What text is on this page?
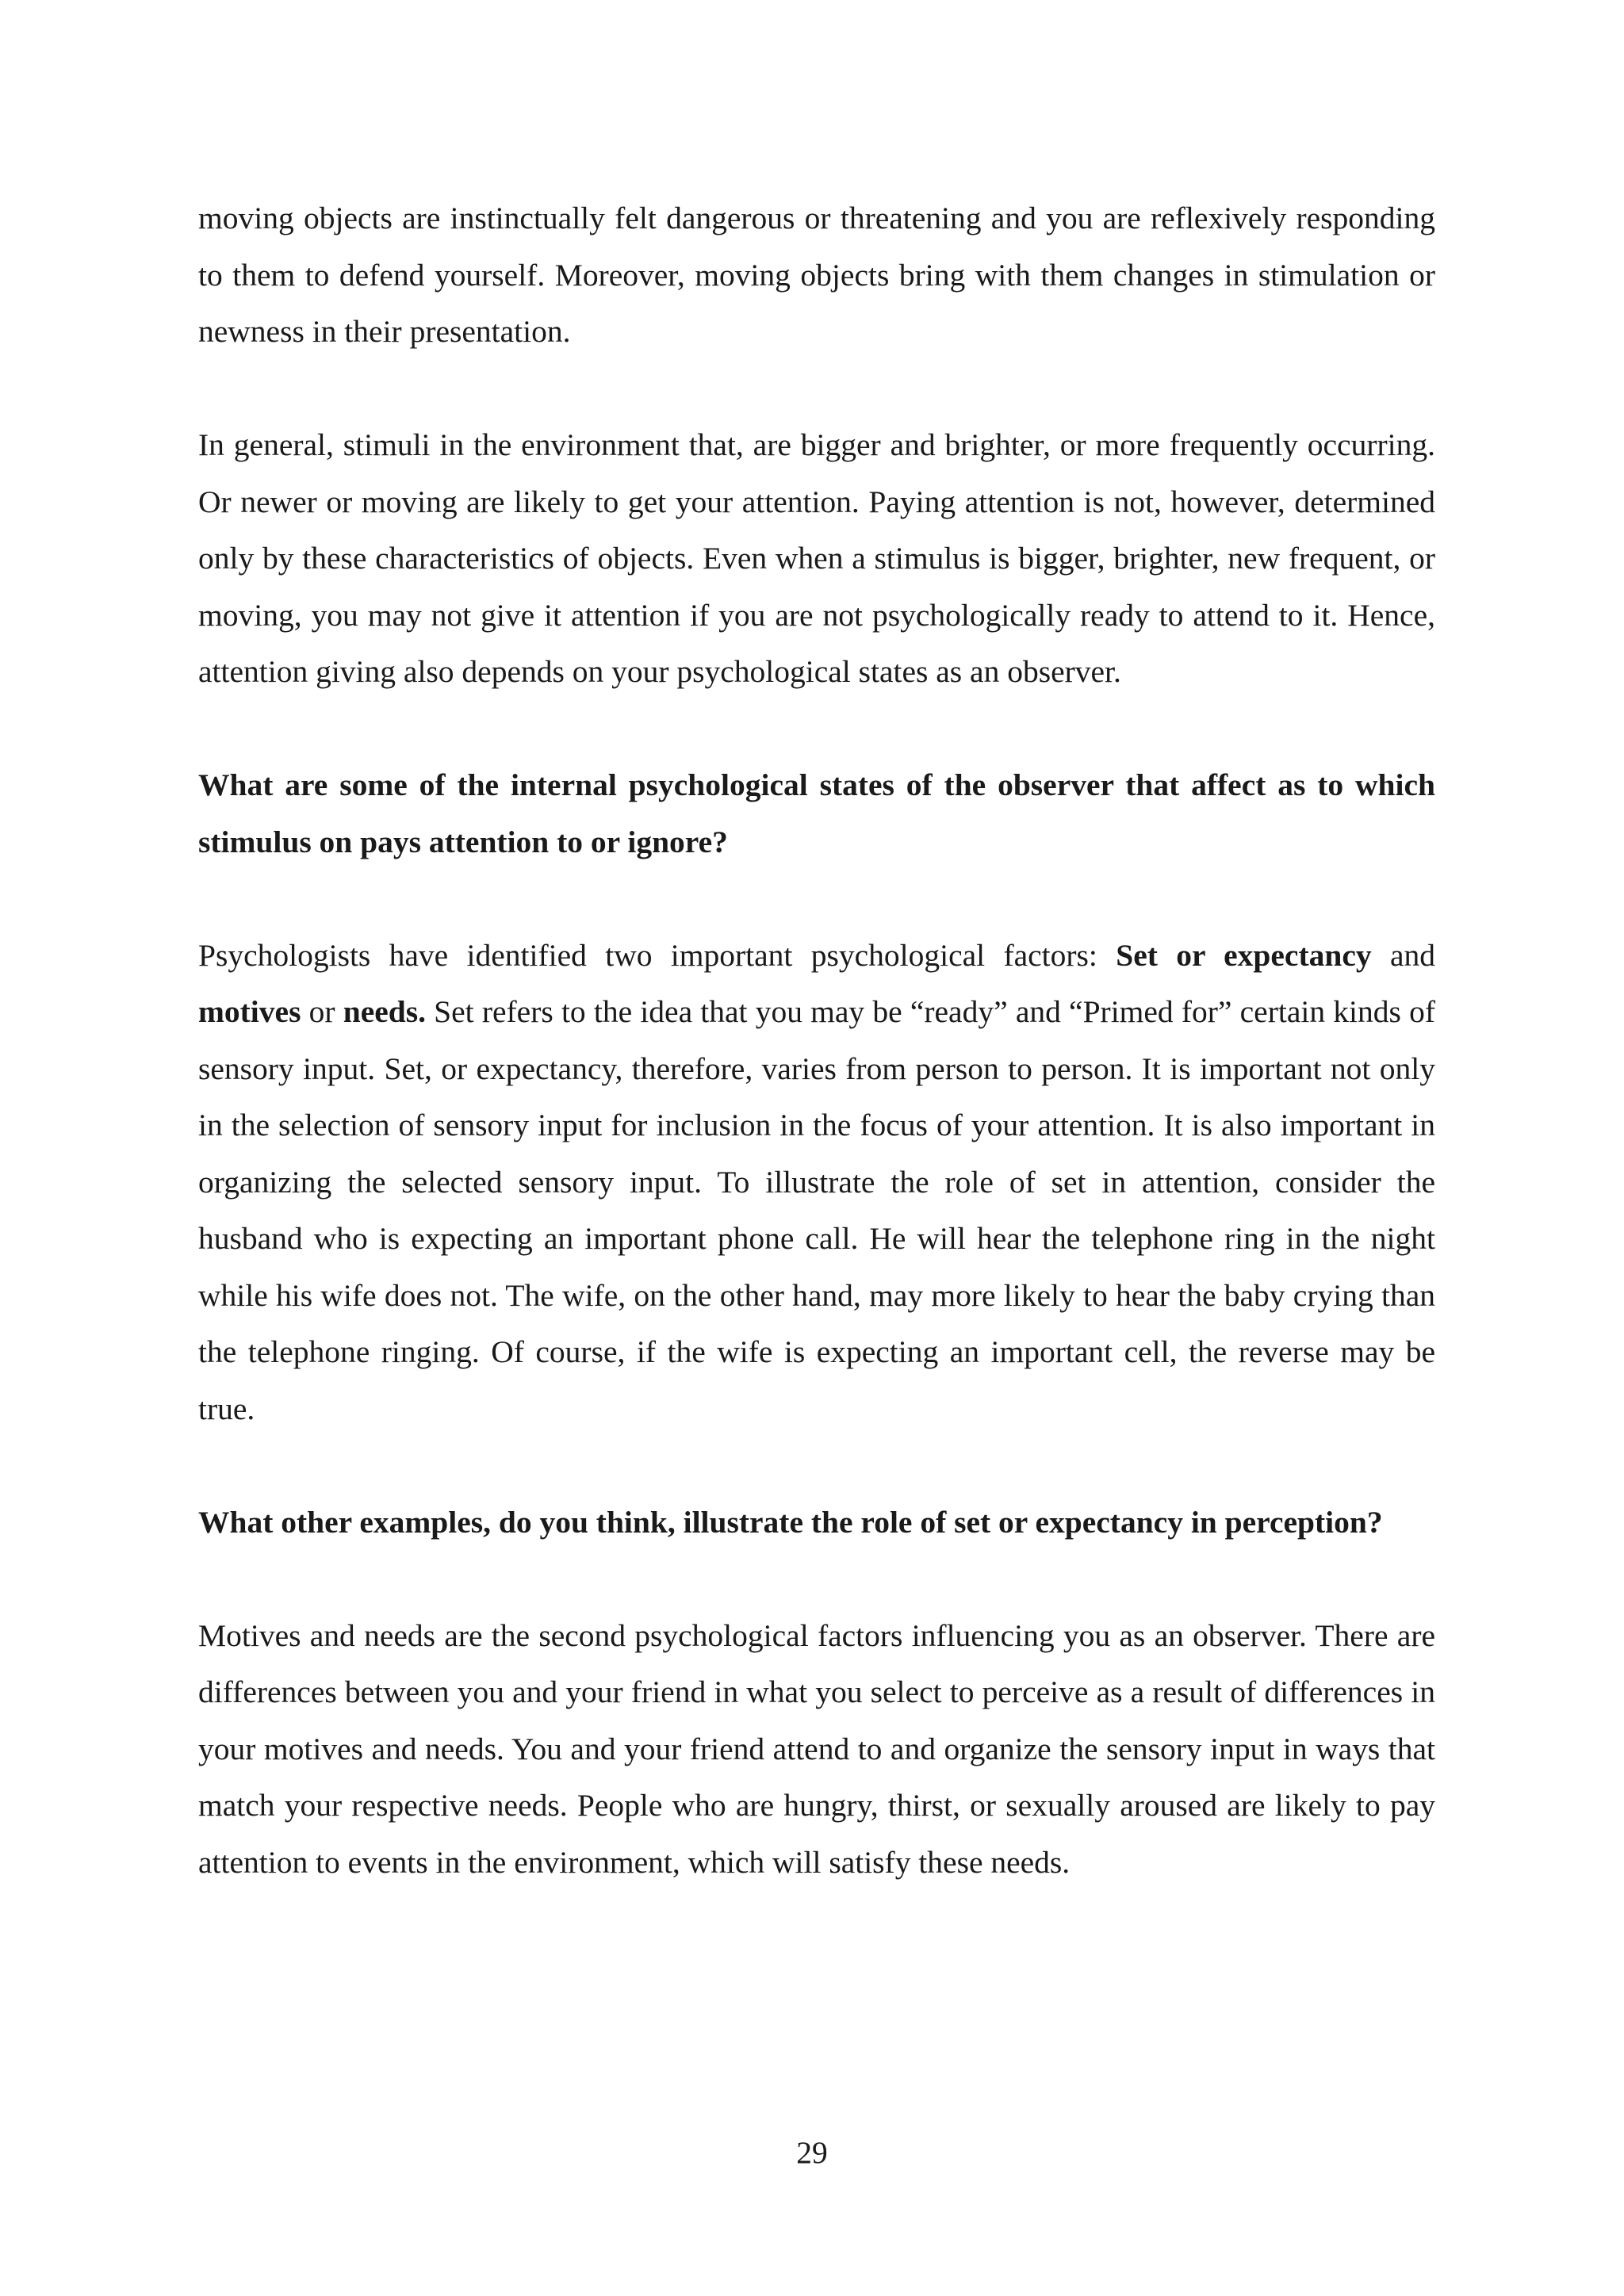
moving objects are instinctually felt dangerous or threatening and you are reflexively responding to them to defend yourself. Moreover, moving objects bring with them changes in stimulation or newness in their presentation.

In general, stimuli in the environment that, are bigger and brighter, or more frequently occurring. Or newer or moving are likely to get your attention. Paying attention is not, however, determined only by these characteristics of objects. Even when a stimulus is bigger, brighter, new frequent, or moving, you may not give it attention if you are not psychologically ready to attend to it. Hence, attention giving also depends on your psychological states as an observer.

What are some of the internal psychological states of the observer that affect as to which stimulus on pays attention to or ignore?

Psychologists have identified two important psychological factors: Set or expectancy and motives or needs. Set refers to the idea that you may be “ready” and “Primed for” certain kinds of sensory input. Set, or expectancy, therefore, varies from person to person. It is important not only in the selection of sensory input for inclusion in the focus of your attention. It is also important in organizing the selected sensory input. To illustrate the role of set in attention, consider the husband who is expecting an important phone call. He will hear the telephone ring in the night while his wife does not. The wife, on the other hand, may more likely to hear the baby crying than the telephone ringing. Of course, if the wife is expecting an important cell, the reverse may be true.

What other examples, do you think, illustrate the role of set or expectancy in perception?

Motives and needs are the second psychological factors influencing you as an observer. There are differences between you and your friend in what you select to perceive as a result of differences in your motives and needs. You and your friend attend to and organize the sensory input in ways that match your respective needs. People who are hungry, thirst, or sexually aroused are likely to pay attention to events in the environment, which will satisfy these needs.

29
